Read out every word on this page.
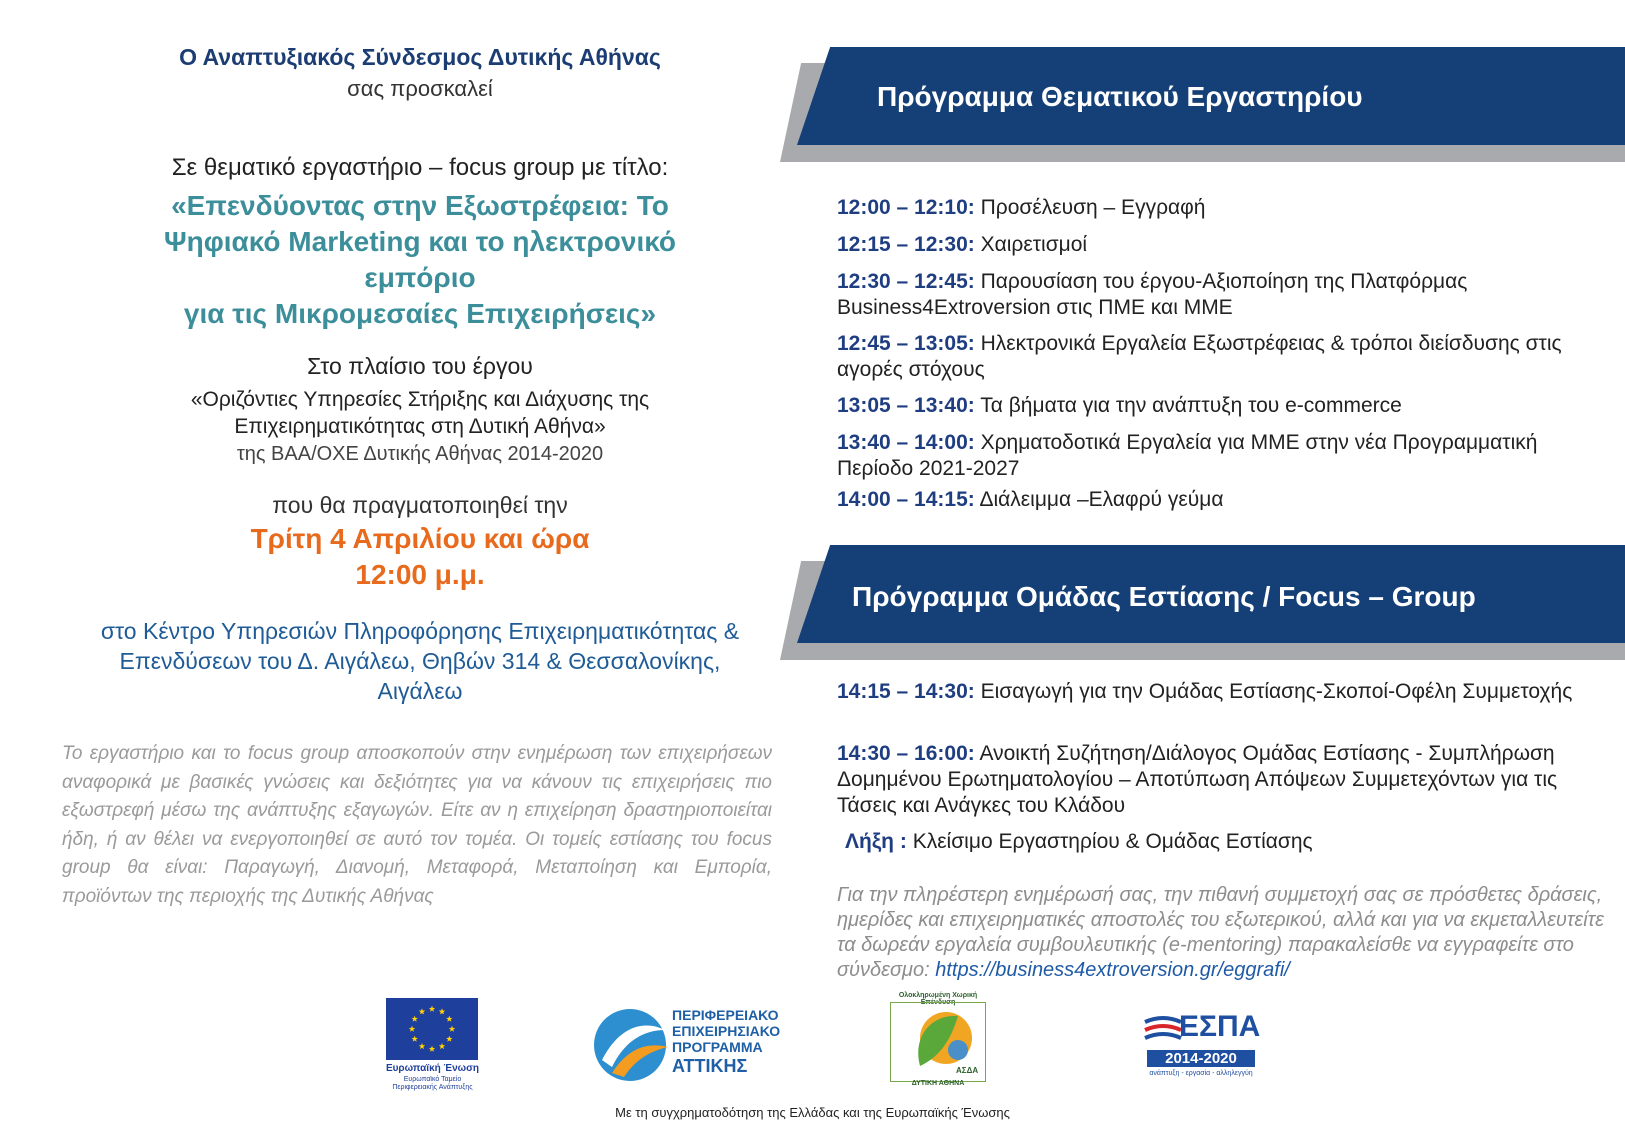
Ο Αναπτυξιακός Σύνδεσμος Δυτικής Αθήνας
σας προσκαλεί
Σε θεματικό εργαστήριο – focus group με τίτλο:
«Επενδύοντας στην Εξωστρέφεια: Το
Ψηφιακό Marketing και το ηλεκτρονικό
εμπόριο
για τις Μικρομεσαίες Επιχειρήσεις»
Στο πλαίσιο του έργου
«Οριζόντιες Υπηρεσίες Στήριξης και Διάχυσης της
Επιχειρηματικότητας στη Δυτική Αθήνα»
της ΒΑΑ/ΟΧΕ Δυτικής Αθήνας 2014-2020
που θα πραγματοποιηθεί την
Τρίτη 4 Απριλίου και ώρα
12:00 μ.μ.
στο Κέντρο Υπηρεσιών Πληροφόρησης Επιχειρηματικότητας &
Επενδύσεων του Δ. Αιγάλεω, Θηβών 314 & Θεσσαλονίκης,
Αιγάλεω

Το εργαστήριο και το focus group αποσκοπούν στην ενημέρωση των επιχειρήσεων αναφορικά με βασικές γνώσεις και δεξιότητες για να κάνουν τις επιχειρήσεις πιο εξωστρεφή μέσω της ανάπτυξης εξαγωγών. Είτε αν η επιχείρηση δραστηριοποιείται ήδη, ή αν θέλει να ενεργοποιηθεί σε αυτό τον τομέα. Οι τομείς εστίασης του focus group θα είναι: Παραγωγή, Διανομή, Μεταφορά, Μεταποίηση και Εμπορία, προϊόντων της περιοχής της Δυτικής Αθήνας

Πρόγραμμα Θεματικού Εργαστηρίου
12:00 – 12:10: Προσέλευση – Εγγραφή
12:15 – 12:30: Χαιρετισμοί
12:30 – 12:45: Παρουσίαση του έργου-Αξιοποίηση της Πλατφόρμας Business4Extroversion στις ΠΜΕ και ΜΜΕ
12:45 – 13:05: Ηλεκτρονικά Εργαλεία Εξωστρέφειας & τρόποι διείσδυσης στις αγορές στόχους
13:05 – 13:40: Τα βήματα για την ανάπτυξη του e-commerce
13:40 – 14:00: Χρηματοδοτικά Εργαλεία για ΜΜΕ στην νέα Προγραμματική Περίοδο 2021-2027
14:00 – 14:15: Διάλειμμα –Ελαφρύ γεύμα
Πρόγραμμα Ομάδας Εστίασης / Focus – Group
14:15 – 14:30: Εισαγωγή για την Ομάδας Εστίασης-Σκοποί-Οφέλη Συμμετοχής
14:30 – 16:00: Ανοικτή Συζήτηση/Διάλογος Ομάδας Εστίασης - Συμπλήρωση Δομημένου Ερωτηματολογίου – Αποτύπωση Απόψεων Συμμετεχόντων για τις Τάσεις και Ανάγκες του Κλάδου
Λήξη : Κλείσιμο Εργαστηρίου & Ομάδας Εστίασης
Για την πληρέστερη ενημέρωσή σας, την πιθανή συμμετοχή σας σε πρόσθετες δράσεις, ημερίδες και επιχειρηματικές αποστολές του εξωτερικού, αλλά και για να εκμεταλλευτείτε τα δωρεάν εργαλεία συμβουλευτικής (e-mentoring) παρακαλείσθε να εγγραφείτε στο σύνδεσμο: https://business4extroversion.gr/eggrafi/
Ευρωπαϊκή Ένωση
Ευρωπαϊκό Ταμείο
Περιφερειακής Ανάπτυξης
ΠΕΡΙΦΕΡΕΙΑΚΟ
ΕΠΙΧΕΙΡΗΣΙΑΚΟ
ΠΡΟΓΡΑΜΜΑ
ΑΤΤΙΚΗΣ
Ολοκληρωμένη Χωρική Επένδυση
ΔΥΤΙΚΗ ΑΘΗΝΑ
ΑΣΔΑ
ΕΣΠΑ
2014-2020
ανάπτυξη - εργασία - αλληλεγγύη
Με τη συγχρηματοδότηση της Ελλάδας και της Ευρωπαϊκής Ένωσης
